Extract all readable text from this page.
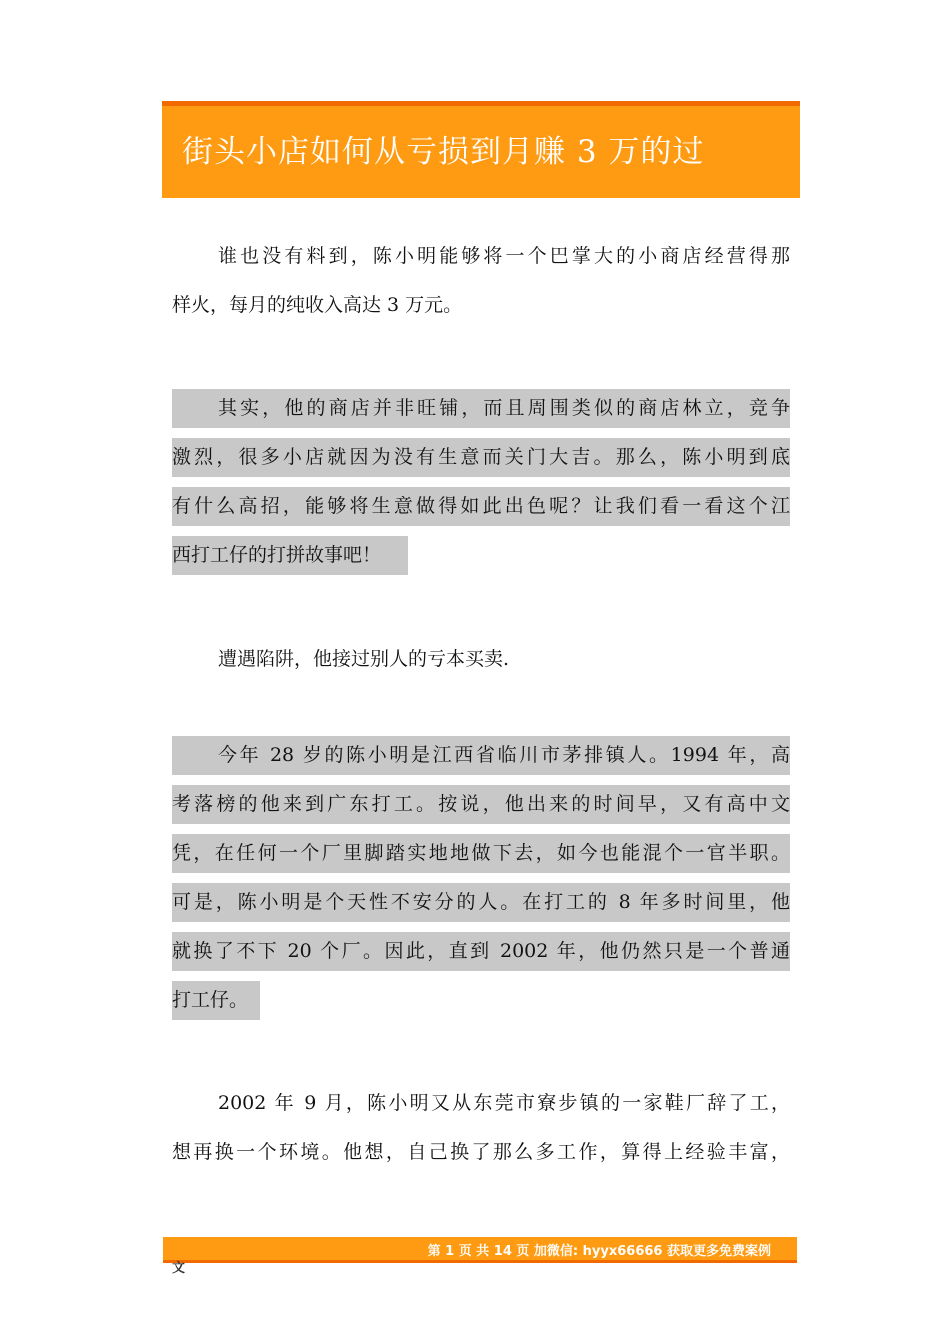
街头小店如何从亏损到月赚 3 万的过
谁也没有料到，陈小明能够将一个巴掌大的小商店经营得那
样火，每月的纯收入高达 3 万元。
其实，他的商店并非旺铺，而且周围类似的商店林立，竞争
激烈，很多小店就因为没有生意而关门大吉。那么，陈小明到底
有什么高招，能够将生意做得如此出色呢？让我们看一看这个江
西打工仔的打拼故事吧！
遭遇陷阱，他接过别人的亏本买卖.
今年 28 岁的陈小明是江西省临川市茅排镇人。1994 年，高
考落榜的他来到广东打工。按说，他出来的时间早，又有高中文
凭，在任何一个厂里脚踏实地地做下去，如今也能混个一官半职。
可是，陈小明是个天性不安分的人。在打工的 8 年多时间里，他
就换了不下 20 个厂。因此，直到 2002 年，他仍然只是一个普通
打工仔。
2002 年 9 月，陈小明又从东莞市寮步镇的一家鞋厂辞了工，
想再换一个环境。他想，自己换了那么多工作，算得上经验丰富，
第 1 页 共 14 页 加微信: hyyx66666 获取更多免费案例
文
